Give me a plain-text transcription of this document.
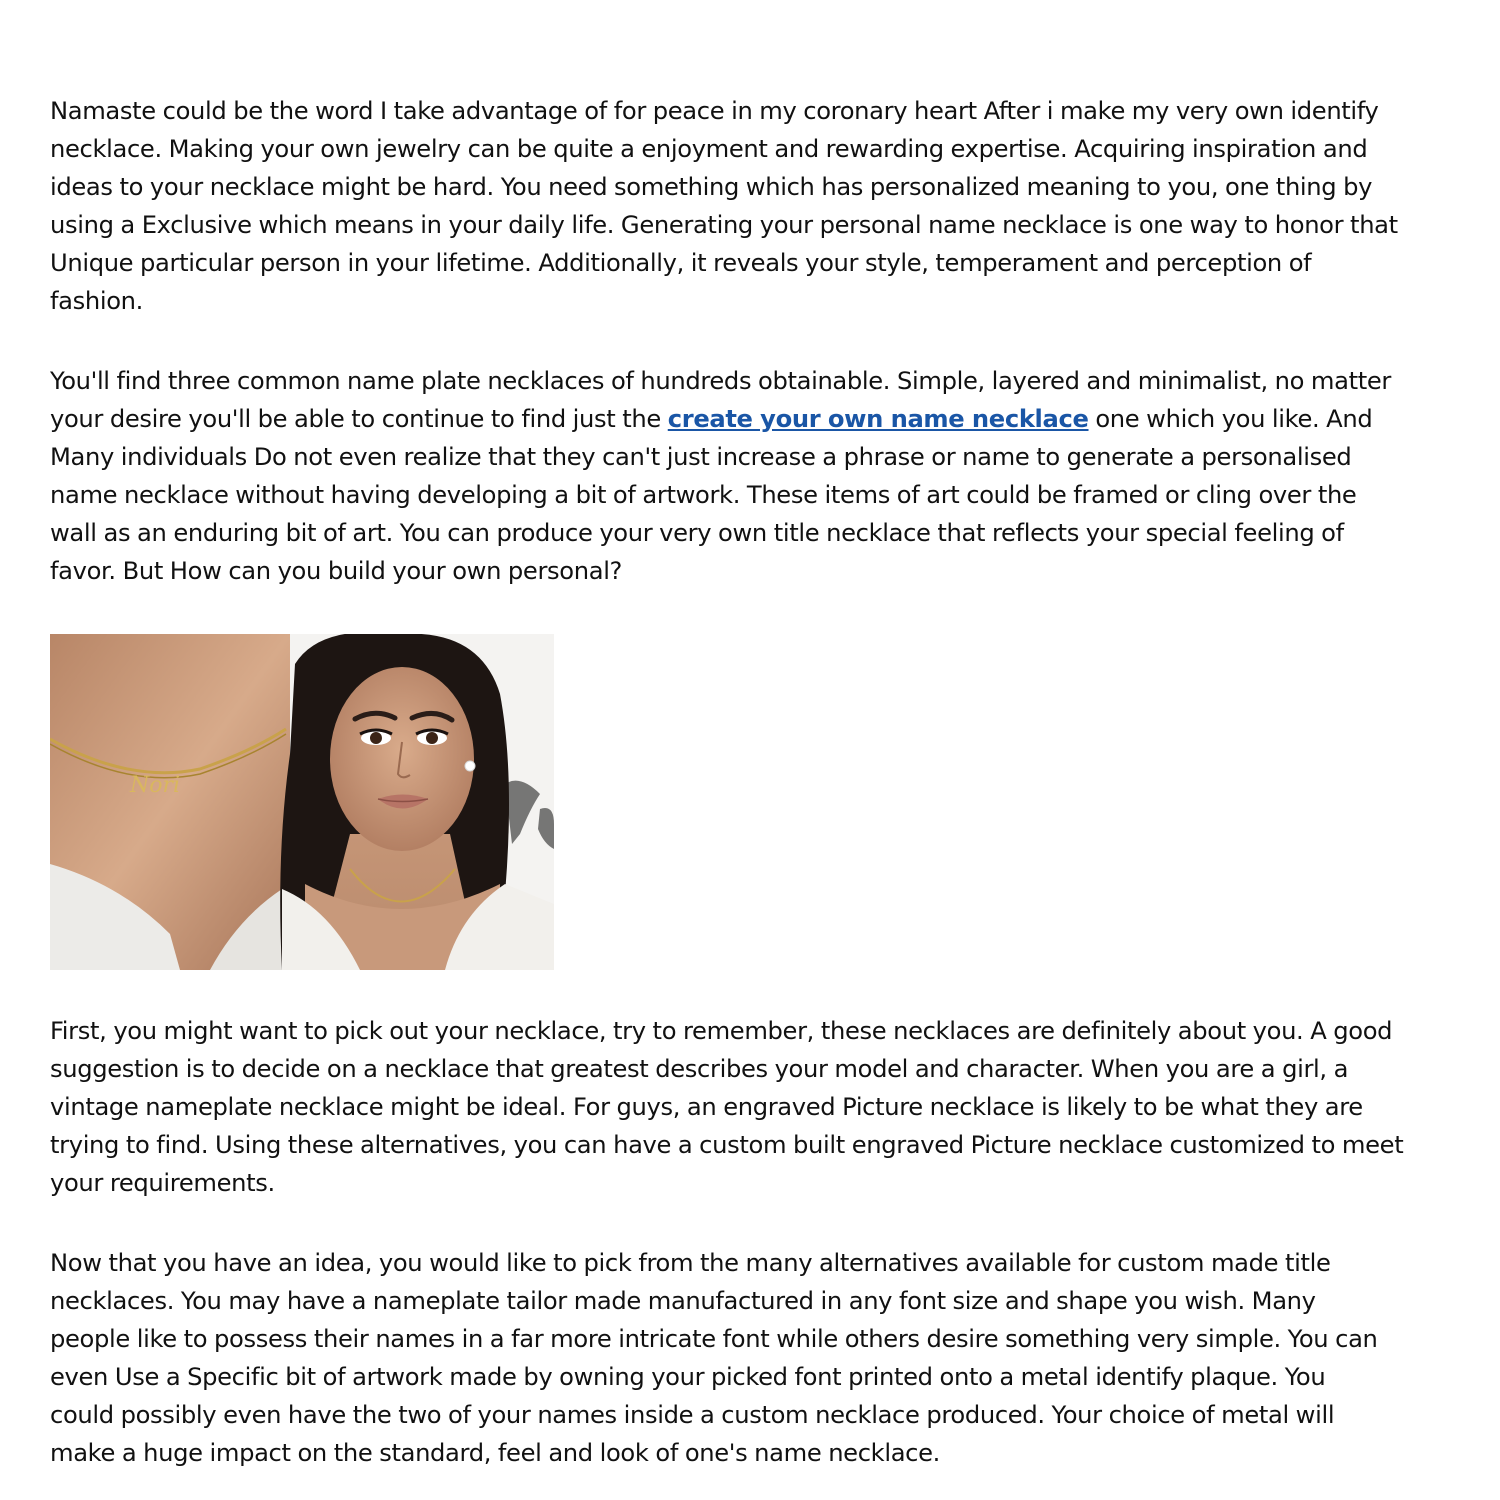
Namaste could be the word I take advantage of for peace in my coronary heart After i make my very own identify
necklace. Making your own jewelry can be quite a enjoyment and rewarding expertise. Acquiring inspiration and
ideas to your necklace might be hard. You need something which has personalized meaning to you, one thing by
using a Exclusive which means in your daily life. Generating your personal name necklace is one way to honor that
Unique particular person in your lifetime. Additionally, it reveals your style, temperament and perception of
fashion.

You'll find three common name plate necklaces of hundreds obtainable. Simple, layered and minimalist, no matter
your desire you'll be able to continue to find just the create your own name necklace one which you like. And
Many individuals Do not even realize that they can't just increase a phrase or name to generate a personalised
name necklace without having developing a bit of artwork. These items of art could be framed or cling over the
wall as an enduring bit of art. You can produce your very own title necklace that reflects your special feeling of
favor. But How can you build your own personal?

Nori

First, you might want to pick out your necklace, try to remember, these necklaces are definitely about you. A good
suggestion is to decide on a necklace that greatest describes your model and character. When you are a girl, a
vintage nameplate necklace might be ideal. For guys, an engraved Picture necklace is likely to be what they are
trying to find. Using these alternatives, you can have a custom built engraved Picture necklace customized to meet
your requirements.

Now that you have an idea, you would like to pick from the many alternatives available for custom made title
necklaces. You may have a nameplate tailor made manufactured in any font size and shape you wish. Many
people like to possess their names in a far more intricate font while others desire something very simple. You can
even Use a Specific bit of artwork made by owning your picked font printed onto a metal identify plaque. You
could possibly even have the two of your names inside a custom necklace produced. Your choice of metal will
make a huge impact on the standard, feel and look of one's name necklace.
